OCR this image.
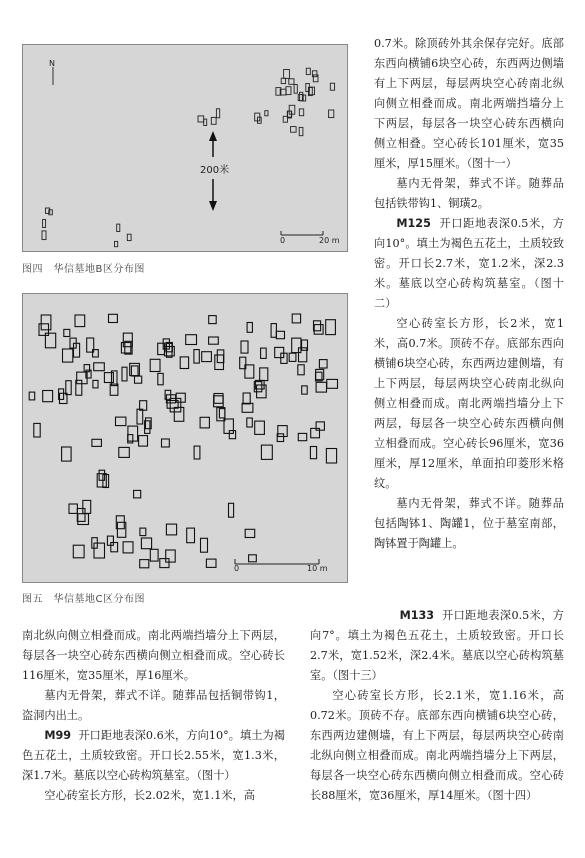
N
200米
0	20 m
图四　华信墓地B区分布图
0	10 m
图五　华信墓地C区分布图

0.7米。除顶砖外其余保存完好。底部东西向横铺6块空心砖，东西两边侧墙有上下两层，每层两块空心砖南北纵向侧立相叠而成。南北两端挡墙分上下两层，每层各一块空心砖东西横向侧立相叠。空心砖长101厘米，宽35厘米，厚15厘米。（图十一）

墓内无骨架，葬式不详。随葬品包括铁带钩1、铜璜2。

M125 开口距地表深0.5米，方向10°。填土为褐色五花土，土质较致密。开口长2.7米，宽1.2米，深2.3米。墓底以空心砖构筑墓室。（图十二）

空心砖室长方形，长2米，宽1米，高0.7米。顶砖不存。底部东西向横铺6块空心砖，东西两边建侧墙，有上下两层，每层两块空心砖南北纵向侧立相叠而成。南北两端挡墙分上下两层，每层各一块空心砖东西横向侧立相叠而成。空心砖长96厘米，宽36厘米，厚12厘米，单面拍印菱形米格纹。

墓内无骨架，葬式不详。随葬品包括陶钵1、陶罐1，位于墓室南部，陶钵置于陶罐上。

M133 开口距地表深0.5米，方向7°。填土为褐色五花土，土质较致密。开口长2.7米，宽1.52米，深2.4米。墓底以空心砖构筑墓室。（图十三）

空心砖室长方形，长2.1米，宽1.16米，高0.72米。顶砖不存。底部东西向横铺6块空心砖，东西两边建侧墙，有上下两层，每层两块空心砖南北纵向侧立相叠而成。南北两端挡墙分上下两层，每层各一块空心砖东西横向侧立相叠而成。空心砖长88厘米，宽36厘米，厚14厘米。（图十四）

南北纵向侧立相叠而成。南北两端挡墙分上下两层，每层各一块空心砖东西横向侧立相叠而成。空心砖长116厘米，宽35厘米，厚16厘米。

墓内无骨架，葬式不详。随葬品包括铜带钩1，盗洞内出土。

M99 开口距地表深0.6米，方向10°。填土为褐色五花土，土质较致密。开口长2.55米，宽1.3米，深1.7米。墓底以空心砖构筑墓室。（图十）

空心砖室长方形，长2.02米，宽1.1米，高
